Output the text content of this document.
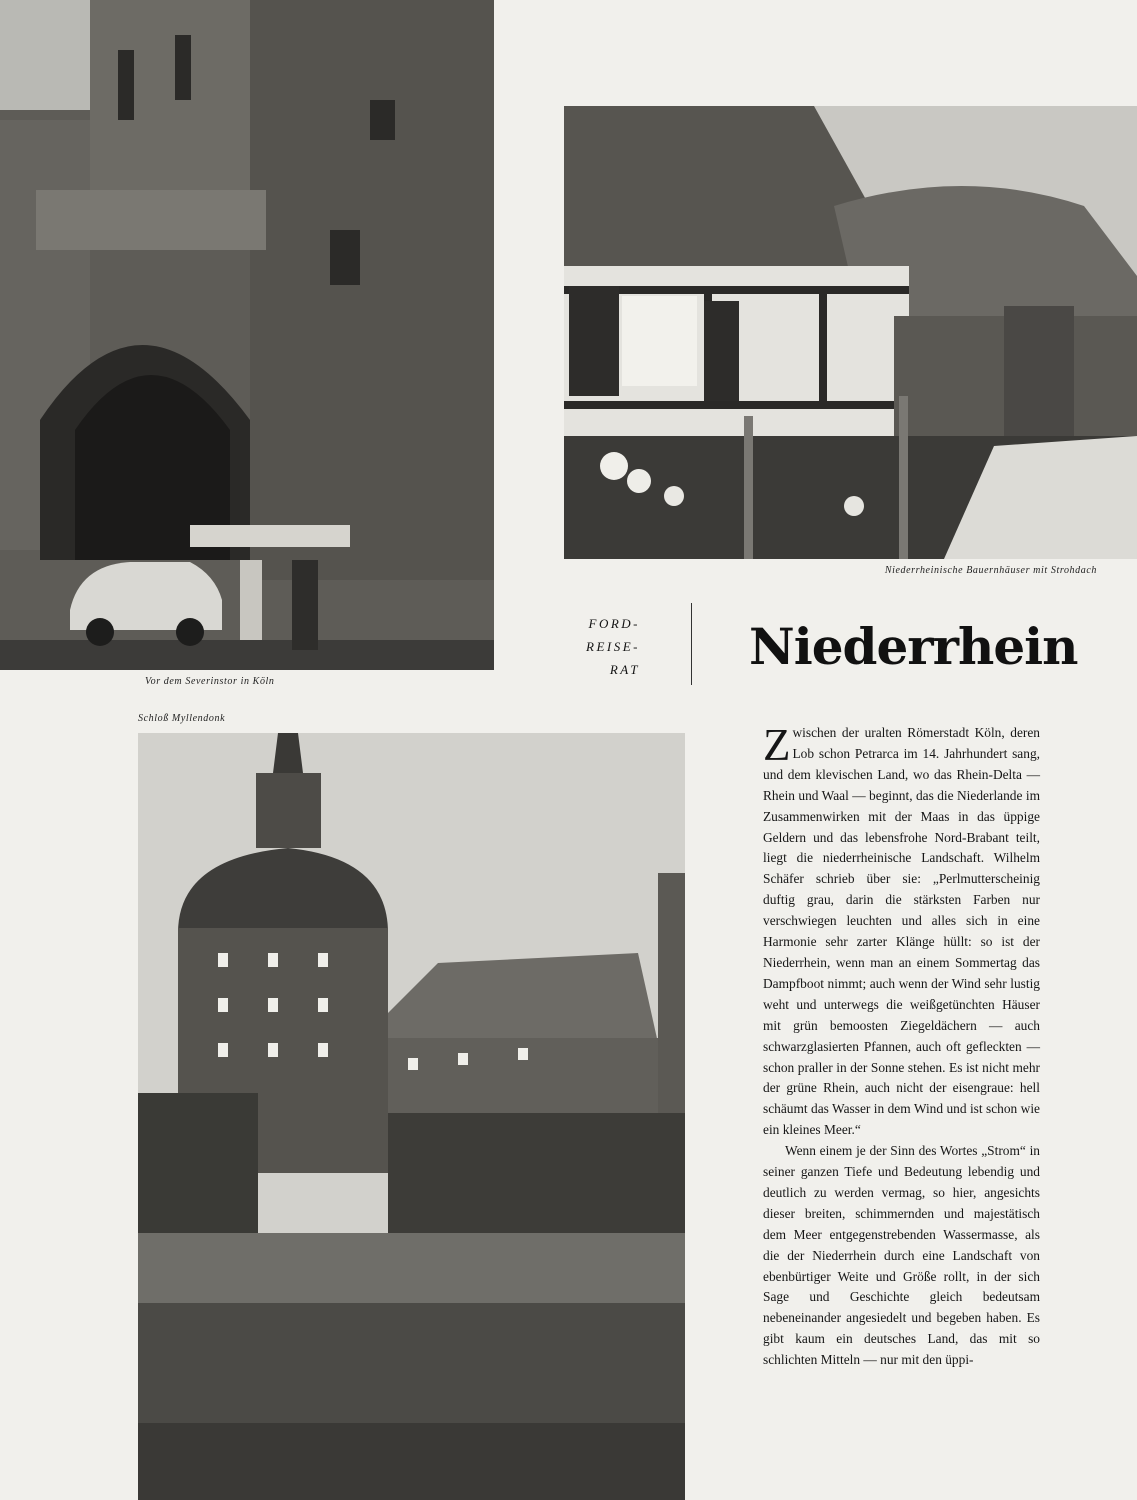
Vor dem Severinstor in Köln
Niederrheinische Bauernhäuser mit Strohdach
Schloß Myllendonk
FORD-
REISE-
RAT Niederrhein

Zwischen der uralten Römerstadt Köln, deren Lob schon Petrarca im 14. Jahrhundert sang, und dem klevischen Land, wo das Rhein-Delta — Rhein und Waal — beginnt, das die Niederlande im Zusammenwirken mit der Maas in das üppige Geldern und das lebensfrohe Nord-Brabant teilt, liegt die niederrheinische Landschaft. Wilhelm Schäfer schrieb über sie: „Perlmutterscheinig duftig grau, darin die stärksten Farben nur verschwiegen leuchten und alles sich in eine Harmonie sehr zarter Klänge hüllt: so ist der Niederrhein, wenn man an einem Sommertag das Dampfboot nimmt; auch wenn der Wind sehr lustig weht und unterwegs die weißgetünchten Häuser mit grün bemoosten Ziegeldächern — auch schwarzglasierten Pfannen, auch oft gefleckten — schon praller in der Sonne stehen. Es ist nicht mehr der grüne Rhein, auch nicht der eisengraue: hell schäumt das Wasser in dem Wind und ist schon wie ein kleines Meer.“

Wenn einem je der Sinn des Wortes „Strom“ in seiner ganzen Tiefe und Bedeutung lebendig und deutlich zu werden vermag, so hier, angesichts dieser breiten, schimmernden und majestätisch dem Meer entgegenstrebenden Wassermasse, als die der Niederrhein durch eine Landschaft von ebenbürtiger Weite und Größe rollt, in der sich Sage und Geschichte gleich bedeutsam nebeneinander angesiedelt und begeben haben. Es gibt kaum ein deutsches Land, das mit so schlichten Mitteln — nur mit den üppi-
